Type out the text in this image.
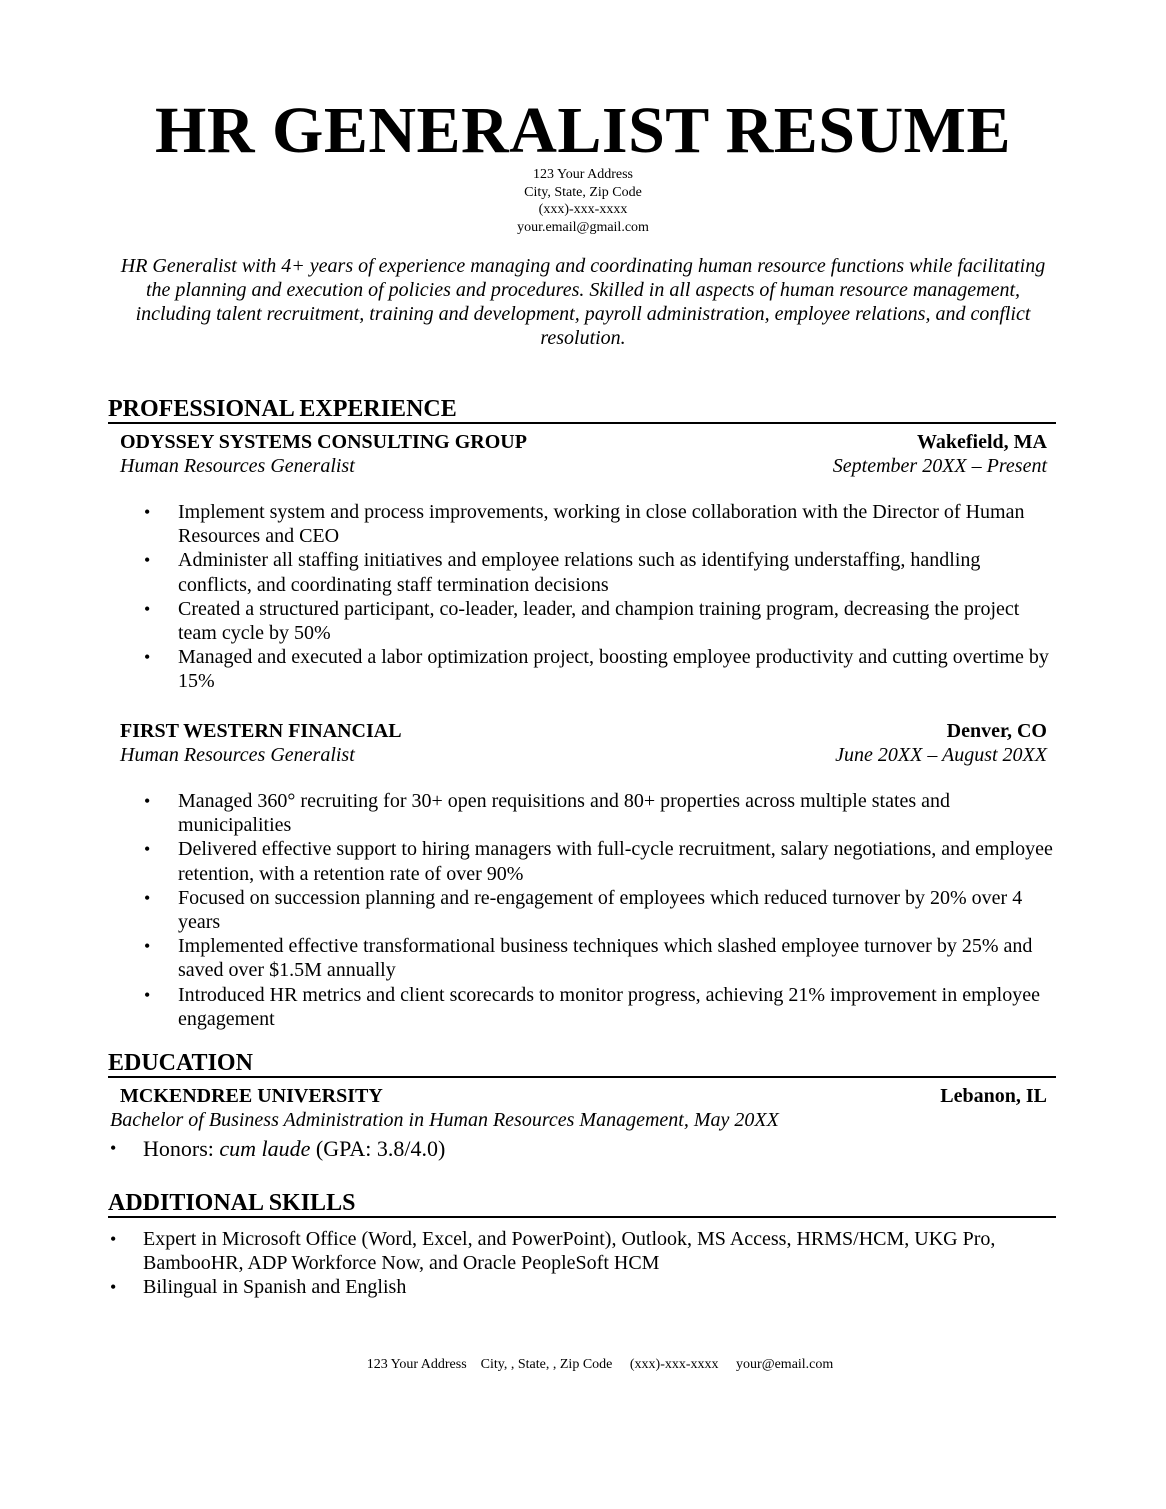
HR GENERALIST RESUME
123 Your Address
City, State, Zip Code
(xxx)-xxx-xxxx
your.email@gmail.com

HR Generalist with 4+ years of experience managing and coordinating human resource functions while facilitating the planning and execution of policies and procedures. Skilled in all aspects of human resource management, including talent recruitment, training and development, payroll administration, employee relations, and conflict resolution.

PROFESSIONAL EXPERIENCE
ODYSSEY SYSTEMS CONSULTING GROUP	Wakefield, MA
Human Resources Generalist	September 20XX – Present
• Implement system and process improvements, working in close collaboration with the Director of Human Resources and CEO
• Administer all staffing initiatives and employee relations such as identifying understaffing, handling conflicts, and coordinating staff termination decisions
• Created a structured participant, co-leader, leader, and champion training program, decreasing the project team cycle by 50%
• Managed and executed a labor optimization project, boosting employee productivity and cutting overtime by 15%
FIRST WESTERN FINANCIAL	Denver, CO
Human Resources Generalist	June 20XX – August 20XX
• Managed 360° recruiting for 30+ open requisitions and 80+ properties across multiple states and municipalities
• Delivered effective support to hiring managers with full-cycle recruitment, salary negotiations, and employee retention, with a retention rate of over 90%
• Focused on succession planning and re-engagement of employees which reduced turnover by 20% over 4 years
• Implemented effective transformational business techniques which slashed employee turnover by 25% and saved over $1.5M annually
• Introduced HR metrics and client scorecards to monitor progress, achieving 21% improvement in employee engagement
EDUCATION
MCKENDREE UNIVERSITY	Lebanon, IL
Bachelor of Business Administration in Human Resources Management, May 20XX
• Honors: cum laude (GPA: 3.8/4.0)
ADDITIONAL SKILLS
• Expert in Microsoft Office (Word, Excel, and PowerPoint), Outlook, MS Access, HRMS/HCM, UKG Pro, BambooHR, ADP Workforce Now, and Oracle PeopleSoft HCM
• Bilingual in Spanish and English
123 Your Address City, , State, , Zip Code (xxx)-xxx-xxxx your@email.com
